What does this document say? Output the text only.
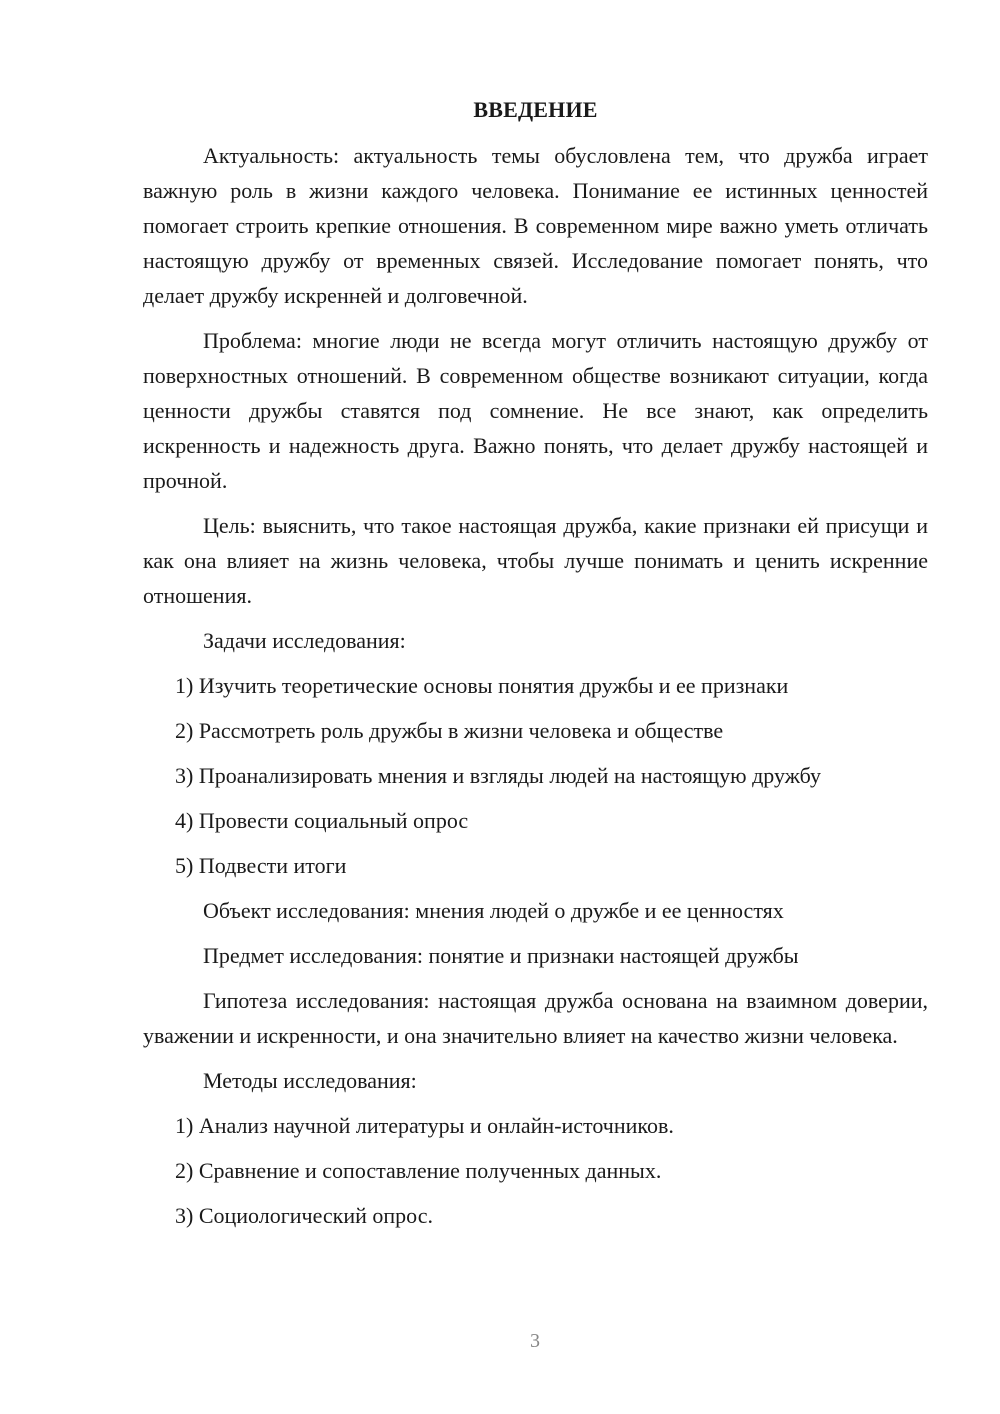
ВВЕДЕНИЕ

Актуальность: актуальность темы обусловлена тем, что дружба играет важную роль в жизни каждого человека. Понимание ее истинных ценностей помогает строить крепкие отношения. В современном мире важно уметь отличать настоящую дружбу от временных связей. Исследование помогает понять, что делает дружбу искренней и долговечной.

Проблема: многие люди не всегда могут отличить настоящую дружбу от поверхностных отношений. В современном обществе возникают ситуации, когда ценности дружбы ставятся под сомнение. Не все знают, как определить искренность и надежность друга. Важно понять, что делает дружбу настоящей и прочной.

Цель: выяснить, что такое настоящая дружба, какие признаки ей присущи и как она влияет на жизнь человека, чтобы лучше понимать и ценить искренние отношения.

Задачи исследования:
1) Изучить теоретические основы понятия дружбы и ее признаки
2) Рассмотреть роль дружбы в жизни человека и обществе
3) Проанализировать мнения и взгляды людей на настоящую дружбу
4) Провести социальный опрос
5) Подвести итоги
Объект исследования: мнения людей о дружбе и ее ценностях
Предмет исследования: понятие и признаки настоящей дружбы

Гипотеза исследования: настоящая дружба основана на взаимном доверии, уважении и искренности, и она значительно влияет на качество жизни человека.

Методы исследования:
1) Анализ научной литературы и онлайн-источников.
2) Сравнение и сопоставление полученных данных.
3) Социологический опрос.
3
